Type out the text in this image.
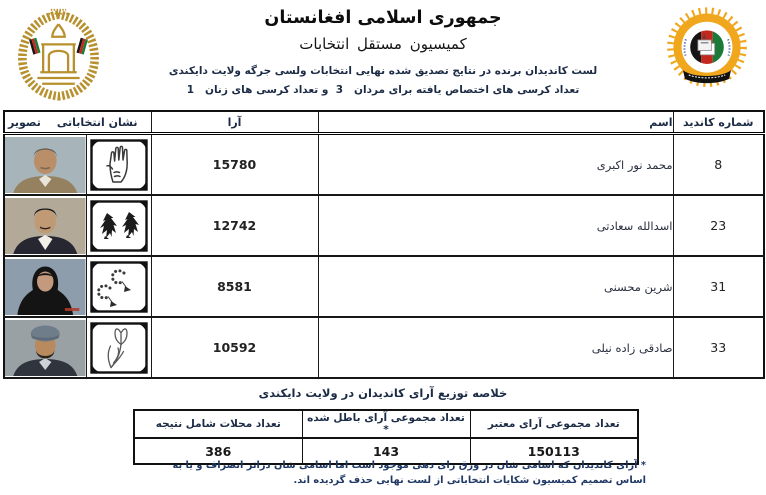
جمهوری اسلامی افغانستان
کمیسیون مستقل انتخابات
لست کاندیدان برنده در نتایج تصدیق شده نهایی انتخابات ولسی جرگه ولایت دایکندی
تعداد کرسی های اختصاص یافته برای مردان   3  و تعداد کرسی های زنان   1
شماره کاندید	اسم	آرا	نشان انتخاباتی
تصویر	

8	محمد نور اکبری	15780	

23	اسدالله سعادتی	12742	

31	شرین محسنی	8581	

33	صادقی زاده نیلی	10592	

خلاصه توزیع آرای کاندیدان در ولایت دایکندی
تعداد مجموعی آرای معتبر	تعداد مجموعی آرای باطل شده *	تعداد محلات شامل نتیجه
150113	143	386
* آرای کاندیدان که اسامی شان در ورق رای دهی موجود است اما اسامی شان دراثر انصراف و یا به اساس تصمیم کمیسیون شکایات انتخاباتی از لست نهایی حذف گردیده اند.
